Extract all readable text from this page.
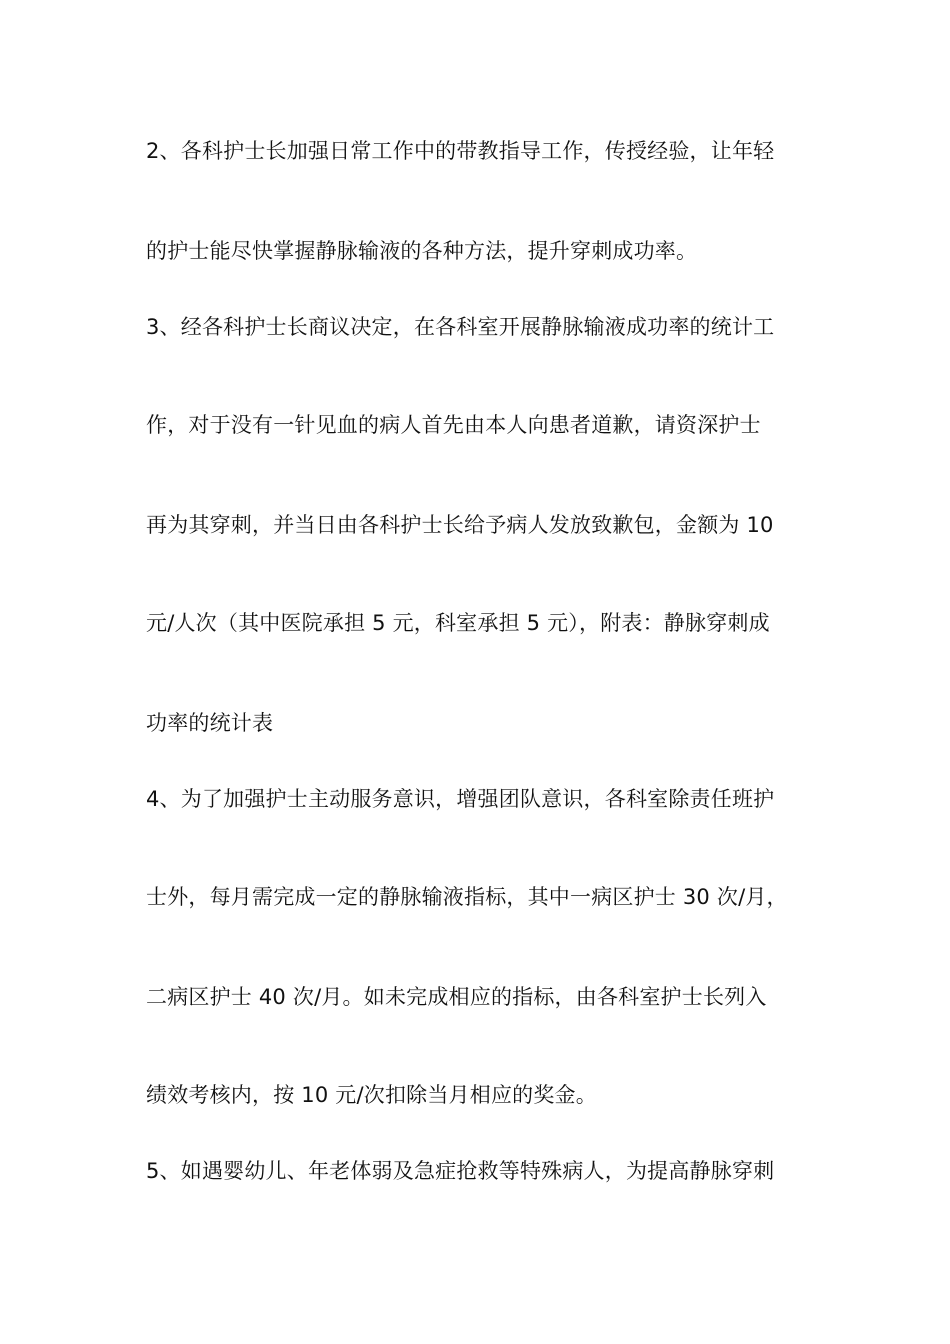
2、各科护士长加强日常工作中的带教指导工作，传授经验，让年轻
的护士能尽快掌握静脉输液的各种方法，提升穿刺成功率。
3、经各科护士长商议决定，在各科室开展静脉输液成功率的统计工
作，对于没有一针见血的病人首先由本人向患者道歉，请资深护士
再为其穿刺，并当日由各科护士长给予病人发放致歉包，金额为 10
元/人次（其中医院承担 5 元，科室承担 5 元），附表：静脉穿刺成
功率的统计表
4、为了加强护士主动服务意识，增强团队意识，各科室除责任班护
士外，每月需完成一定的静脉输液指标，其中一病区护士 30 次/月，
二病区护士 40 次/月。如未完成相应的指标，由各科室护士长列入
绩效考核内，按 10 元/次扣除当月相应的奖金。
5、如遇婴幼儿、年老体弱及急症抢救等特殊病人，为提高静脉穿刺
